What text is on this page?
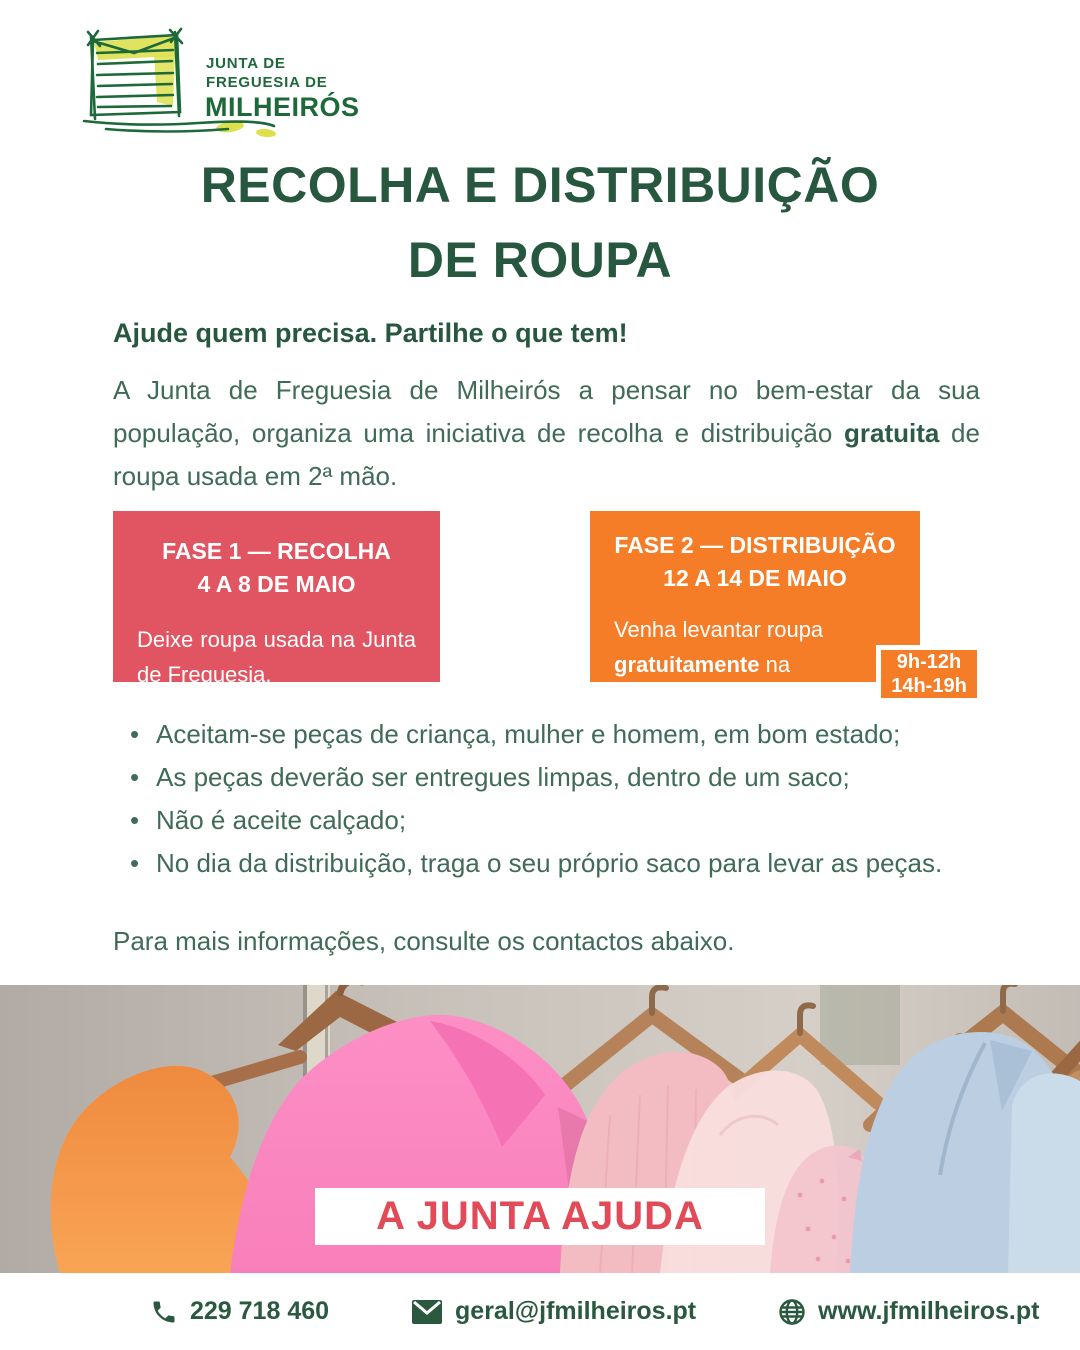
JUNTA DE
FREGUESIA DE
MILHEIRÓS
RECOLHA E DISTRIBUIÇÃO
DE ROUPA
Ajude quem precisa. Partilhe o que tem!

A Junta de Freguesia de Milheirós a pensar no bem-estar da sua população, organiza uma iniciativa de recolha e distribuição gratuita de roupa usada em 2ª mão.

FASE 1 — RECOLHA
4 A 8 DE MAIO
Deixe roupa usada na Junta de Freguesia.
FASE 2 — DISTRIBUIÇÃO
12 A 14 DE MAIO
Venha levantar roupa gratuitamente na Escolinha do Cruzeiro.
9h-12h
14h-19h
• Aceitam-se peças de criança, mulher e homem, em bom estado;
• As peças deverão ser entregues limpas, dentro de um saco;
• Não é aceite calçado;
• No dia da distribuição, traga o seu próprio saco para levar as peças.
Para mais informações, consulte os contactos abaixo.
A JUNTA AJUDA
229 718 460	geral@jfmilheiros.pt	www.jfmilheiros.pt
